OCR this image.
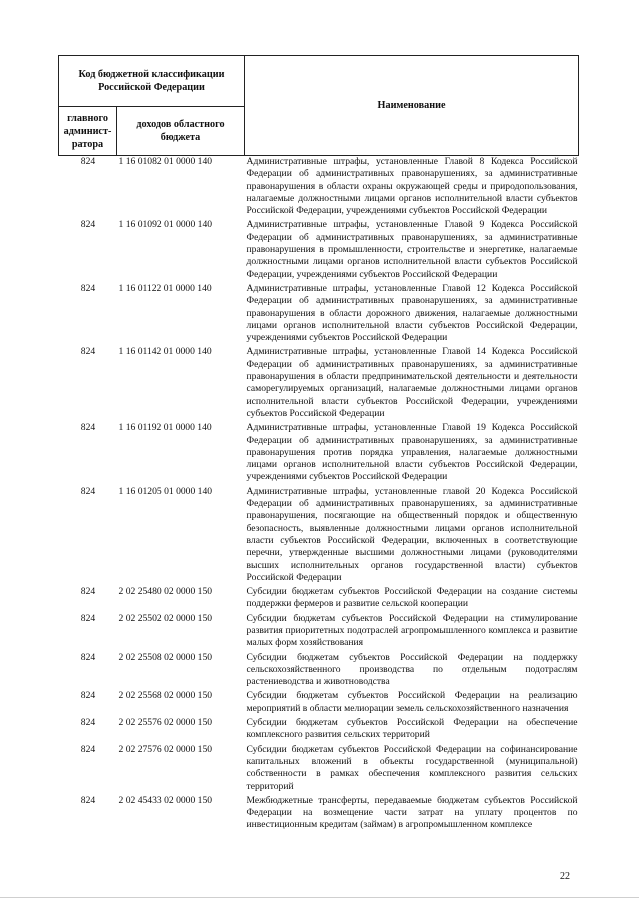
Код бюджетной классификации Российской Федерации		Наименование
главного админист-ратора	доходов областного бюджета	
824	1 16 01082 01 0000 140	Административные штрафы, установленные Главой 8 Кодекса Российской Федерации об административных правонарушениях, за административные правонарушения в области охраны окружающей среды и природопользования, налагаемые должностными лицами органов исполнительной власти субъектов Российской Федерации, учреждениями субъектов Российской Федерации
824	1 16 01092 01 0000 140	Административные штрафы, установленные Главой 9 Кодекса Российской Федерации об административных правонарушениях, за административные правонарушения в промышленности, строительстве и энергетике, налагаемые должностными лицами органов исполнительной власти субъектов Российской Федерации, учреждениями субъектов Российской Федерации
824	1 16 01122 01 0000 140	Административные штрафы, установленные Главой 12 Кодекса Российской Федерации об административных правонарушениях, за административные правонарушения в области дорожного движения, налагаемые должностными лицами органов исполнительной власти субъектов Российской Федерации, учреждениями субъектов Российской Федерации
824	1 16 01142 01 0000 140	Административные штрафы, установленные Главой 14 Кодекса Российской Федерации об административных правонарушениях, за административные правонарушения в области предпринимательской деятельности и деятельности саморегулируемых организаций, налагаемые должностными лицами органов исполнительной власти субъектов Российской Федерации, учреждениями субъектов Российской Федерации
824	1 16 01192 01 0000 140	Административные штрафы, установленные Главой 19 Кодекса Российской Федерации об административных правонарушениях, за административные правонарушения против порядка управления, налагаемые должностными лицами органов исполнительной власти субъектов Российской Федерации, учреждениями субъектов Российской Федерации
824	1 16 01205 01 0000 140	Административные штрафы, установленные главой 20 Кодекса Российской Федерации об административных правонарушениях, за административные правонарушения, посягающие на общественный порядок и общественную безопасность, выявленные должностными лицами органов исполнительной власти субъектов Российской Федерации, включенных в соответствующие перечни, утвержденные высшими должностными лицами (руководителями высших исполнительных органов государственной власти) субъектов Российской Федерации
824	2 02 25480 02 0000 150	Субсидии бюджетам субъектов Российской Федерации на создание системы поддержки фермеров и развитие сельской кооперации
824	2 02 25502 02 0000 150	Субсидии бюджетам субъектов Российской Федерации на стимулирование развития приоритетных подотраслей агропромышленного комплекса и развитие малых форм хозяйствования
824	2 02 25508 02 0000 150	Субсидии бюджетам субъектов Российской Федерации на поддержку сельскохозяйственного производства по отдельным подотраслям растениеводства и животноводства
824	2 02 25568 02 0000 150	Субсидии бюджетам субъектов Российской Федерации на реализацию мероприятий в области мелиорации земель сельскохозяйственного назначения
824	2 02 25576 02 0000 150	Субсидии бюджетам субъектов Российской Федерации на обеспечение комплексного развития сельских территорий
824	2 02 27576 02 0000 150	Субсидии бюджетам субъектов Российской Федерации на софинансирование капитальных вложений в объекты государственной (муниципальной) собственности в рамках обеспечения комплексного развития сельских территорий
824	2 02 45433 02 0000 150	Межбюджетные трансферты, передаваемые бюджетам субъектов Российской Федерации на возмещение части затрат на уплату процентов по инвестиционным кредитам (займам) в агропромышленном комплексе
22
